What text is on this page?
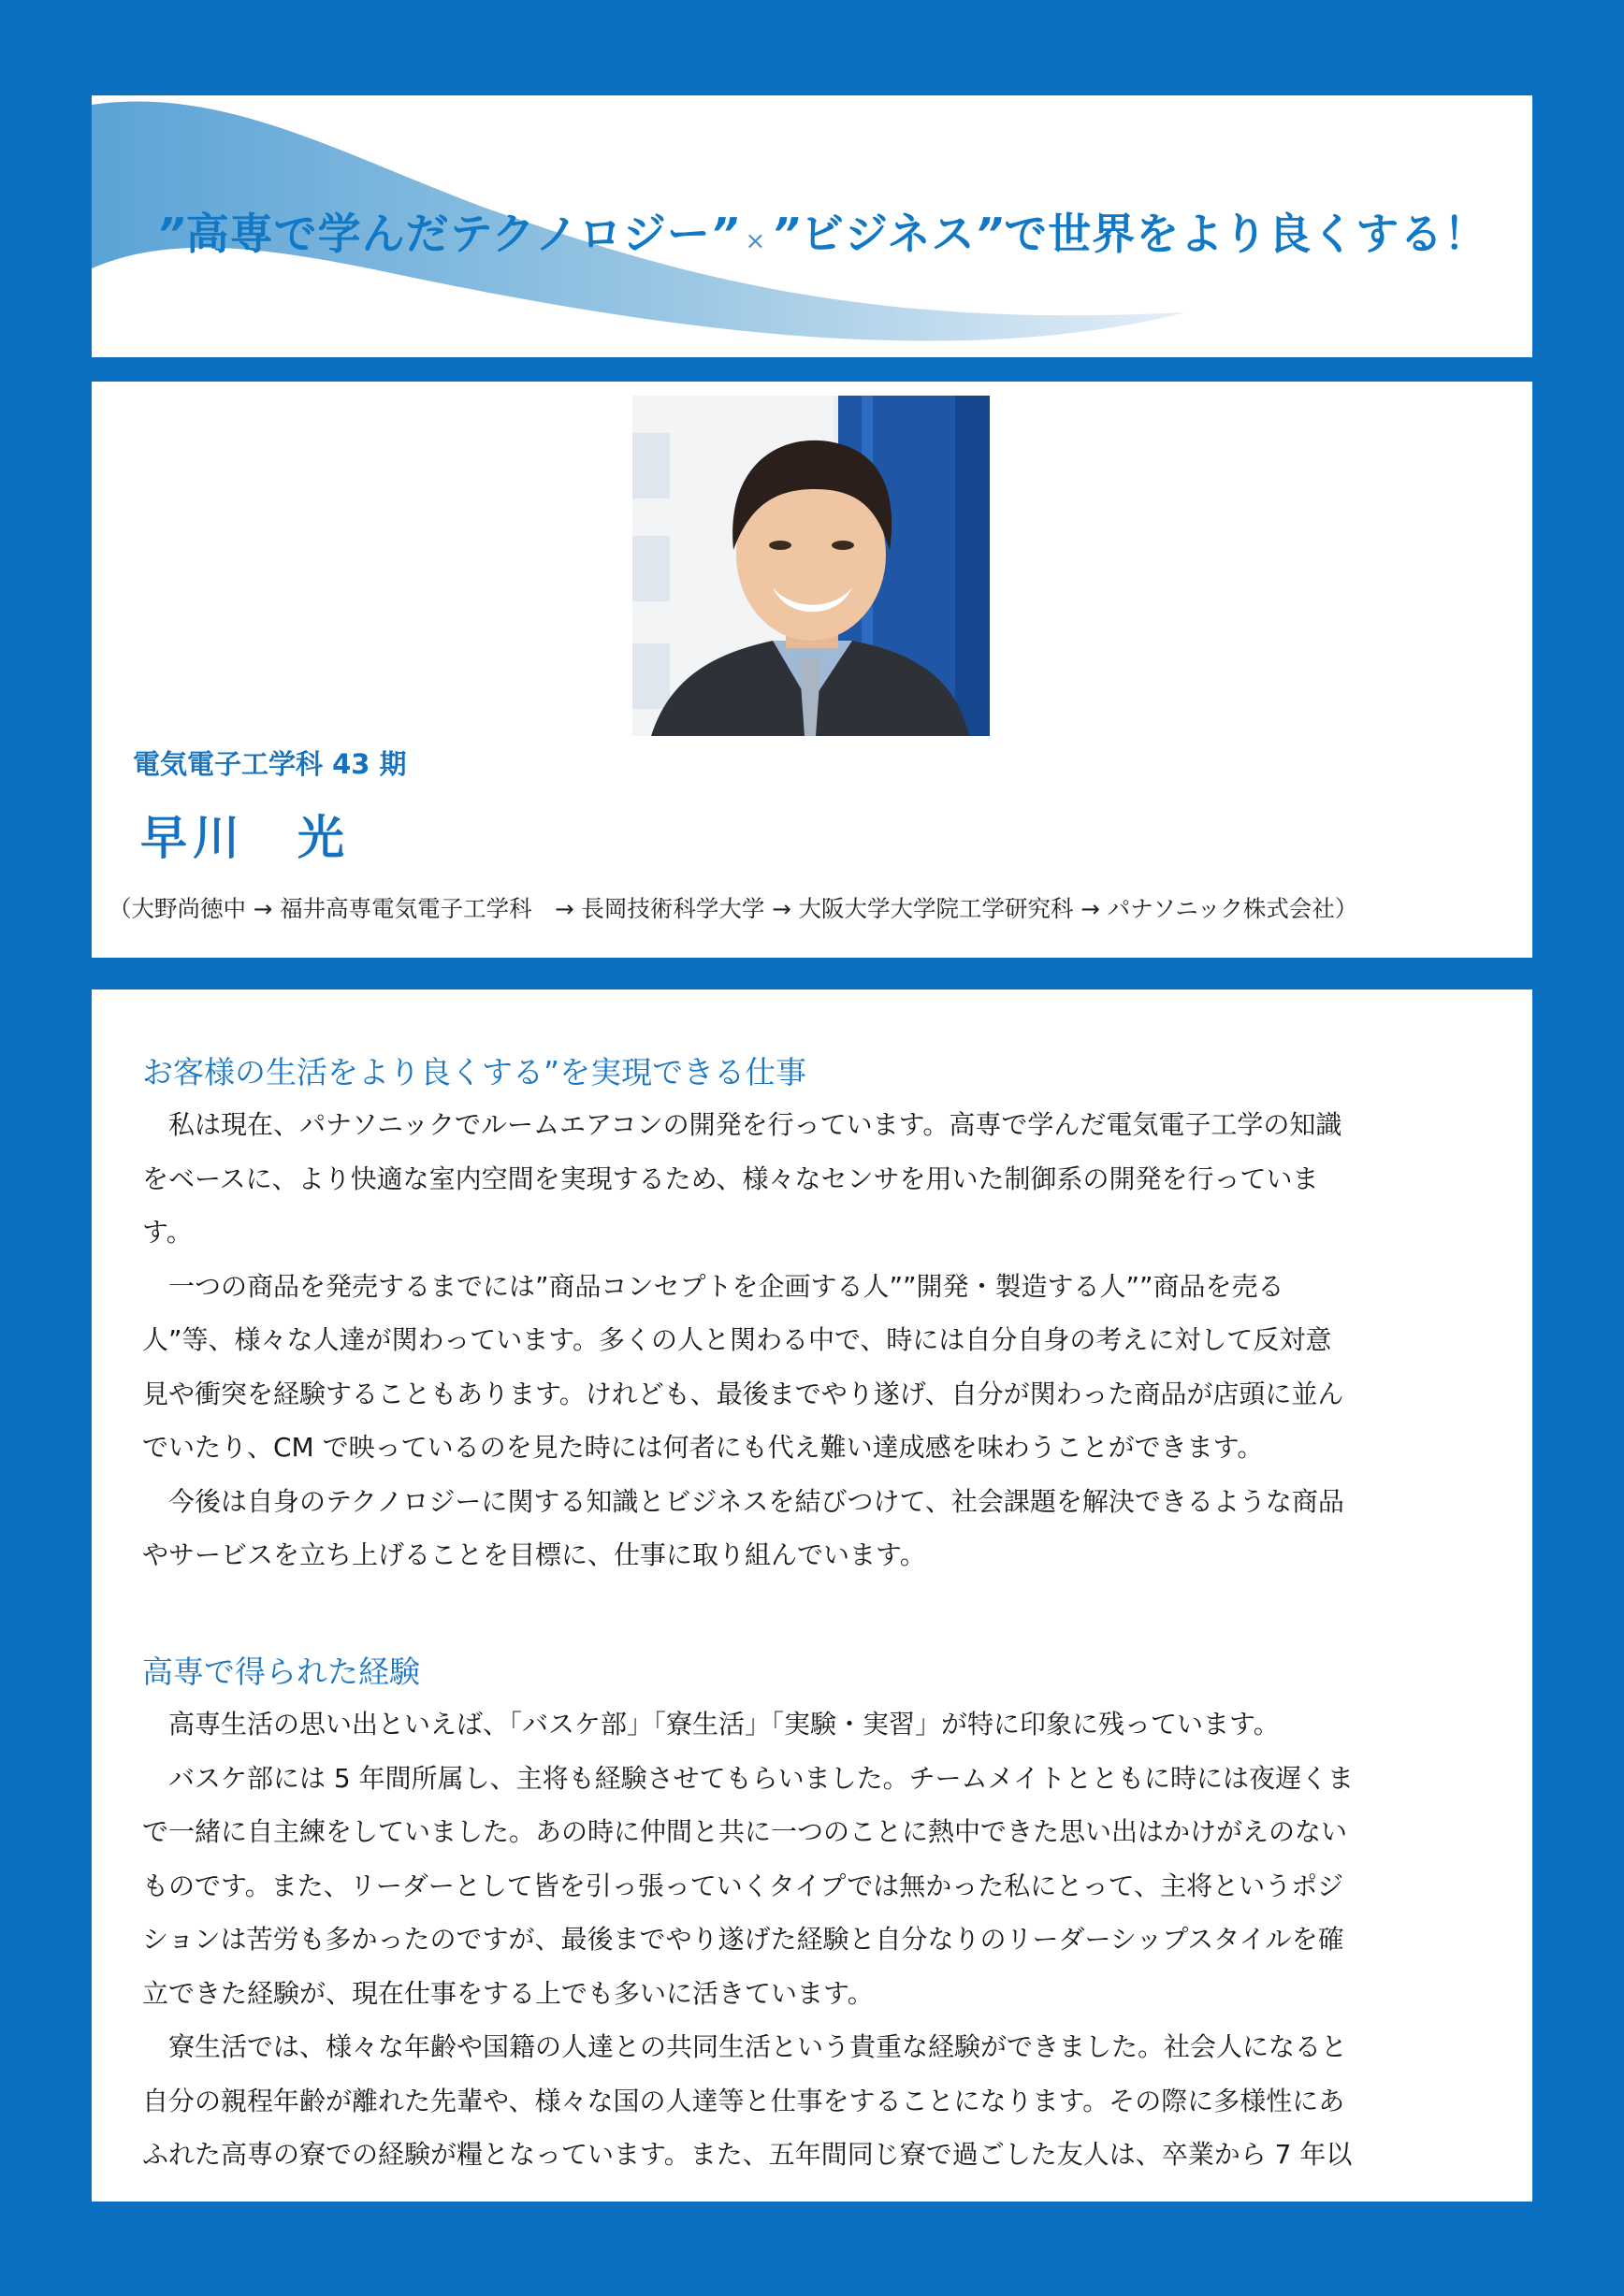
”高専で学んだテクノロジー” × ”ビジネス”で世界をより良くする！
電気電子工学科 43 期
早川　光
（大野尚徳中 → 福井高専電気電子工学科　→ 長岡技術科学大学 → 大阪大学大学院工学研究科 → パナソニック株式会社）
お客様の生活をより良くする”を実現できる仕事
　私は現在、パナソニックでルームエアコンの開発を行っています。高専で学んだ電気電子工学の知識
をベースに、より快適な室内空間を実現するため、様々なセンサを用いた制御系の開発を行っていま
す。
　一つの商品を発売するまでには”商品コンセプトを企画する人””開発・製造する人””商品を売る
人”等、様々な人達が関わっています。多くの人と関わる中で、時には自分自身の考えに対して反対意
見や衝突を経験することもあります。けれども、最後までやり遂げ、自分が関わった商品が店頭に並ん
でいたり、CM で映っているのを見た時には何者にも代え難い達成感を味わうことができます。
　今後は自身のテクノロジーに関する知識とビジネスを結びつけて、社会課題を解決できるような商品
やサービスを立ち上げることを目標に、仕事に取り組んでいます。
高専で得られた経験
　高専生活の思い出といえば、「バスケ部」「寮生活」「実験・実習」が特に印象に残っています。
　バスケ部には 5 年間所属し、主将も経験させてもらいました。チームメイトとともに時には夜遅くま
で一緒に自主練をしていました。あの時に仲間と共に一つのことに熱中できた思い出はかけがえのない
ものです。また、リーダーとして皆を引っ張っていくタイプでは無かった私にとって、主将というポジ
ションは苦労も多かったのですが、最後までやり遂げた経験と自分なりのリーダーシップスタイルを確
立できた経験が、現在仕事をする上でも多いに活きています。
　寮生活では、様々な年齢や国籍の人達との共同生活という貴重な経験ができました。社会人になると
自分の親程年齢が離れた先輩や、様々な国の人達等と仕事をすることになります。その際に多様性にあ
ふれた高専の寮での経験が糧となっています。また、五年間同じ寮で過ごした友人は、卒業から 7 年以
